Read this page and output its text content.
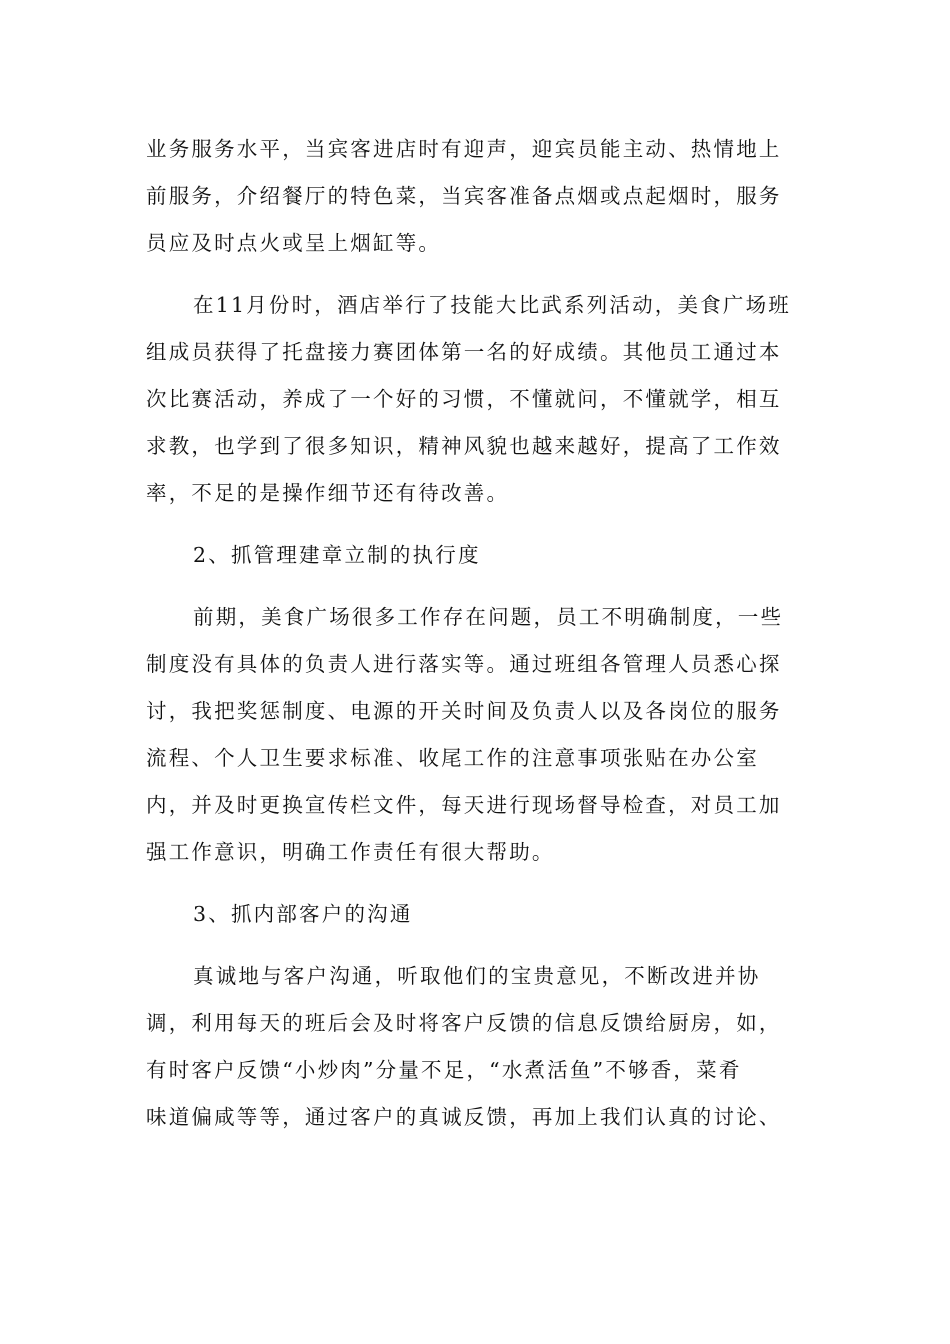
业务服务水平，当宾客进店时有迎声，迎宾员能主动、热情地上
前服务，介绍餐厅的特色菜，当宾客准备点烟或点起烟时，服务
员应及时点火或呈上烟缸等。
在11月份时，酒店举行了技能大比武系列活动，美食广场班
组成员获得了托盘接力赛团体第一名的好成绩。其他员工通过本
次比赛活动，养成了一个好的习惯，不懂就问，不懂就学，相互
求教，也学到了很多知识，精神风貌也越来越好，提高了工作效
率，不足的是操作细节还有待改善。
2、抓管理建章立制的执行度
前期，美食广场很多工作存在问题，员工不明确制度，一些
制度没有具体的负责人进行落实等。通过班组各管理人员悉心探
讨，我把奖惩制度、电源的开关时间及负责人以及各岗位的服务
流程、个人卫生要求标准、收尾工作的注意事项张贴在办公室
内，并及时更换宣传栏文件，每天进行现场督导检查，对员工加
强工作意识，明确工作责任有很大帮助。
3、抓内部客户的沟通
真诚地与客户沟通，听取他们的宝贵意见，不断改进并协
调，利用每天的班后会及时将客户反馈的信息反馈给厨房，如，
有时客户反馈“小炒肉”分量不足，“水煮活鱼”不够香，菜肴
味道偏咸等等，通过客户的真诚反馈，再加上我们认真的讨论、
